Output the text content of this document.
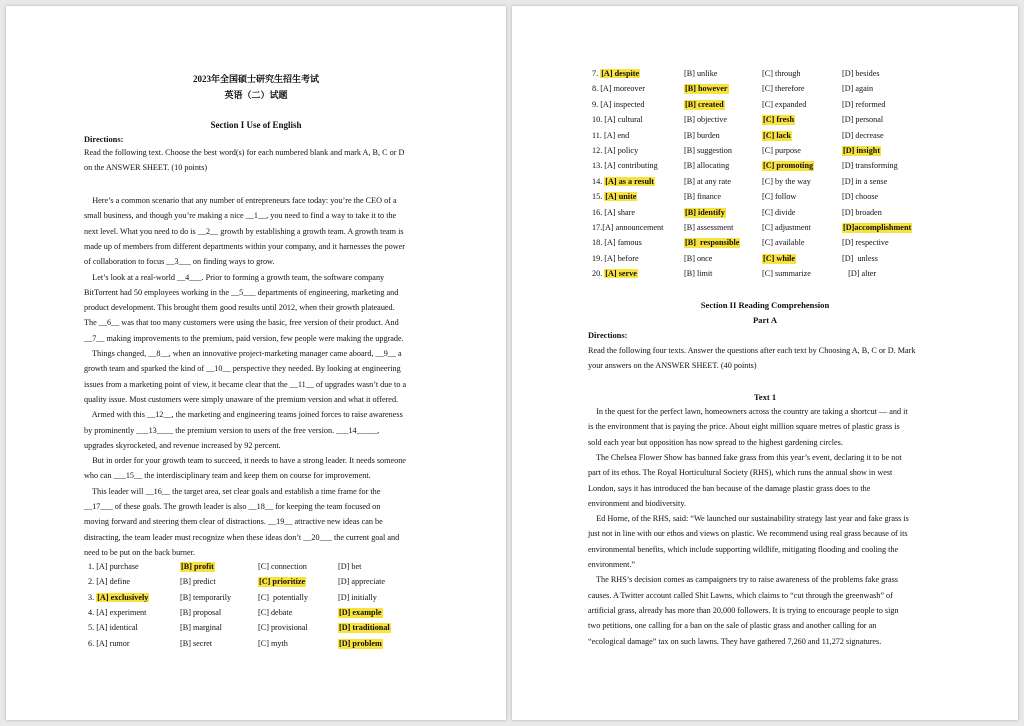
2023年全国硕士研究生招生考试
英语（二）试题
Section I Use of English
Directions:
Read the following text. Choose the best word(s) for each numbered blank and mark A, B, C or D
on the ANSWER SHEET. (10 points)
Here’s a common scenario that any number of entrepreneurs face today: you’re the CEO of a
small business, and though you’re making a nice __1__, you need to find a way to take it to the
next level. What you need to do is __2__ growth by establishing a growth team. A growth team is
made up of members from different departments within your company, and it harnesses the power
of collaboration to focus __3___ on finding ways to grow.
Let’s look at a real-world __4___. Prior to forming a growth team, the software company
BitTorrent had 50 employees working in the __5___ departments of engineering, marketing and
product development. This brought them good results until 2012, when their growth plateaued.
The __6__ was that too many customers were using the basic, free version of their product. And
__7__ making improvements to the premium, paid version, few people were making the upgrade.
Things changed, __8__, when an innovative project-marketing manager came aboard, __9__ a
growth team and sparked the kind of __10__ perspective they needed. By looking at engineering
issues from a marketing point of view, it became clear that the __11__ of upgrades wasn’t due to a
quality issue. Most customers were simply unaware of the premium version and what it offered.
Armed with this __12__, the marketing and engineering teams joined forces to raise awareness
by prominently ___13____ the premium version to users of the free version. ___14_____,
upgrades skyrocketed, and revenue increased by 92 percent.
But in order for your growth team to succeed, it needs to have a strong leader. It needs someone
who can ___15__ the interdisciplinary team and keep them on course for improvement.
This leader will __16__ the target area, set clear goals and establish a time frame for the
__17___ of these goals. The growth leader is also __18__ for keeping the team focused on
moving forward and steering them clear of distractions. __19__ attractive new ideas can be
distracting, the team leader must recognize when these ideas don’t __20___ the current goal and
need to be put on the back burner.
1. [A] purchase	[B] profit	[C] connection	[D] bet
2. [A] define	[B] predict	[C] prioritize	[D] appreciate
3. [A] exclusively	[B] temporarily	[C]  potentially	[D] initially
4. [A] experiment	[B] proposal	[C] debate	[D] example
5. [A] identical	[B] marginal	[C] provisional	[D] traditional
6. [A] rumor	[B] secret	[C] myth	[D] problem
7. [A] despite	[B] unlike	[C] through	[D] besides
8. [A] moreover	[B] however	[C] therefore	[D] again
9. [A] inspected	[B] created	[C] expanded	[D] reformed
10. [A] cultural	[B] objective	[C] fresh	[D] personal
11. [A] end	[B] burden	[C] lack	[D] decrease
12. [A] policy	[B] suggestion	[C] purpose	[D] insight
13. [A] contributing	[B] allocating	[C] promoting	[D] transforming
14. [A] as a result	[B] at any rate	[C] by the way	[D] in a sense
15. [A] unite	[B] finance	[C] follow	[D] choose
16. [A] share	[B] identify	[C] divide	[D] broaden
17.[A] announcement	[B] assessment	[C] adjustment	[D]accomplishment
18. [A] famous	[B]  responsible	[C] available	[D] respective
19. [A] before	[B] once	[C] while	[D]  unless
20. [A] serve	[B] limit	[C] summarize	[D] alter
Section II Reading Comprehension
Part A
Directions:
Read the following four texts. Answer the questions after each text by Choosing A, B, C or D. Mark
your answers on the ANSWER SHEET. (40 points)
Text 1
In the quest for the perfect lawn, homeowners across the country are taking a shortcut — and it
is the environment that is paying the price. About eight million square metres of plastic grass is
sold each year but opposition has now spread to the highest gardening circles.
The Chelsea Flower Show has banned fake grass from this year’s event, declaring it to be not
part of its ethos. The Royal Horticultural Society (RHS), which runs the annual show in west
London, says it has introduced the ban because of the damage plastic grass does to the
environment and biodiversity.
Ed Horne, of the RHS, said: “We launched our sustainability strategy last year and fake grass is
just not in line with our ethos and views on plastic. We recommend using real grass because of its
environmental benefits, which include supporting wildlife, mitigating flooding and cooling the
environment.”
The RHS’s decision comes as campaigners try to raise awareness of the problems fake grass
causes. A Twitter account called Shit Lawns, which claims to “cut through the greenwash” of
artificial grass, already has more than 20,000 followers. It is trying to encourage people to sign
two petitions, one calling for a ban on the sale of plastic grass and another calling for an
“ecological damage” tax on such lawns. They have gathered 7,260 and 11,272 signatures.
